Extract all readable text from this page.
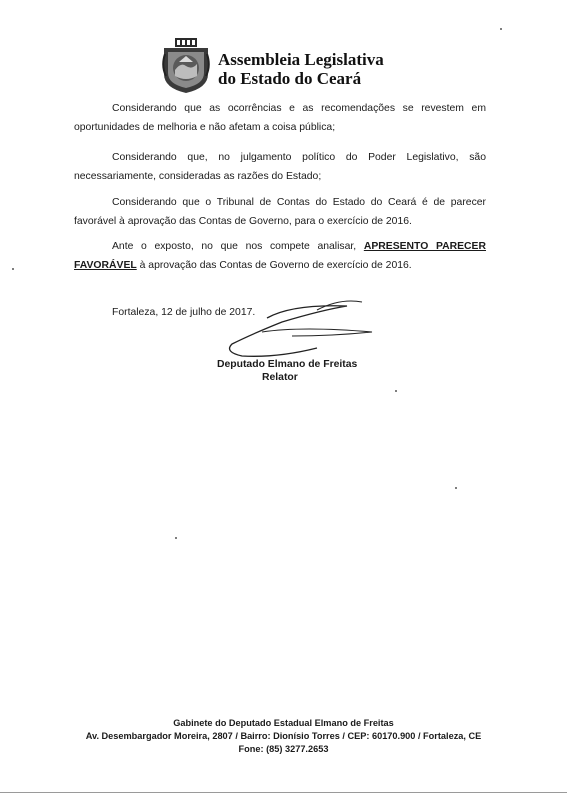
Assembleia Legislativa
do Estado do Ceará

Considerando que as ocorrências e as recomendações se revestem em oportunidades de melhoria e não afetam a coisa pública;

Considerando que, no julgamento político do Poder Legislativo, são necessariamente, consideradas as razões do Estado;

Considerando que o Tribunal de Contas do Estado do Ceará é de parecer favorável à aprovação das Contas de Governo, para o exercício de 2016.

Ante o exposto, no que nos compete analisar, APRESENTO PARECER FAVORÁVEL à aprovação das Contas de Governo de exercício de 2016.

Fortaleza, 12 de julho de 2017.
Deputado Elmano de Freitas
Relator
Gabinete do Deputado Estadual Elmano de Freitas
Av. Desembargador Moreira, 2807 / Bairro: Dionísio Torres / CEP: 60170.900 / Fortaleza, CE
Fone: (85) 3277.2653
